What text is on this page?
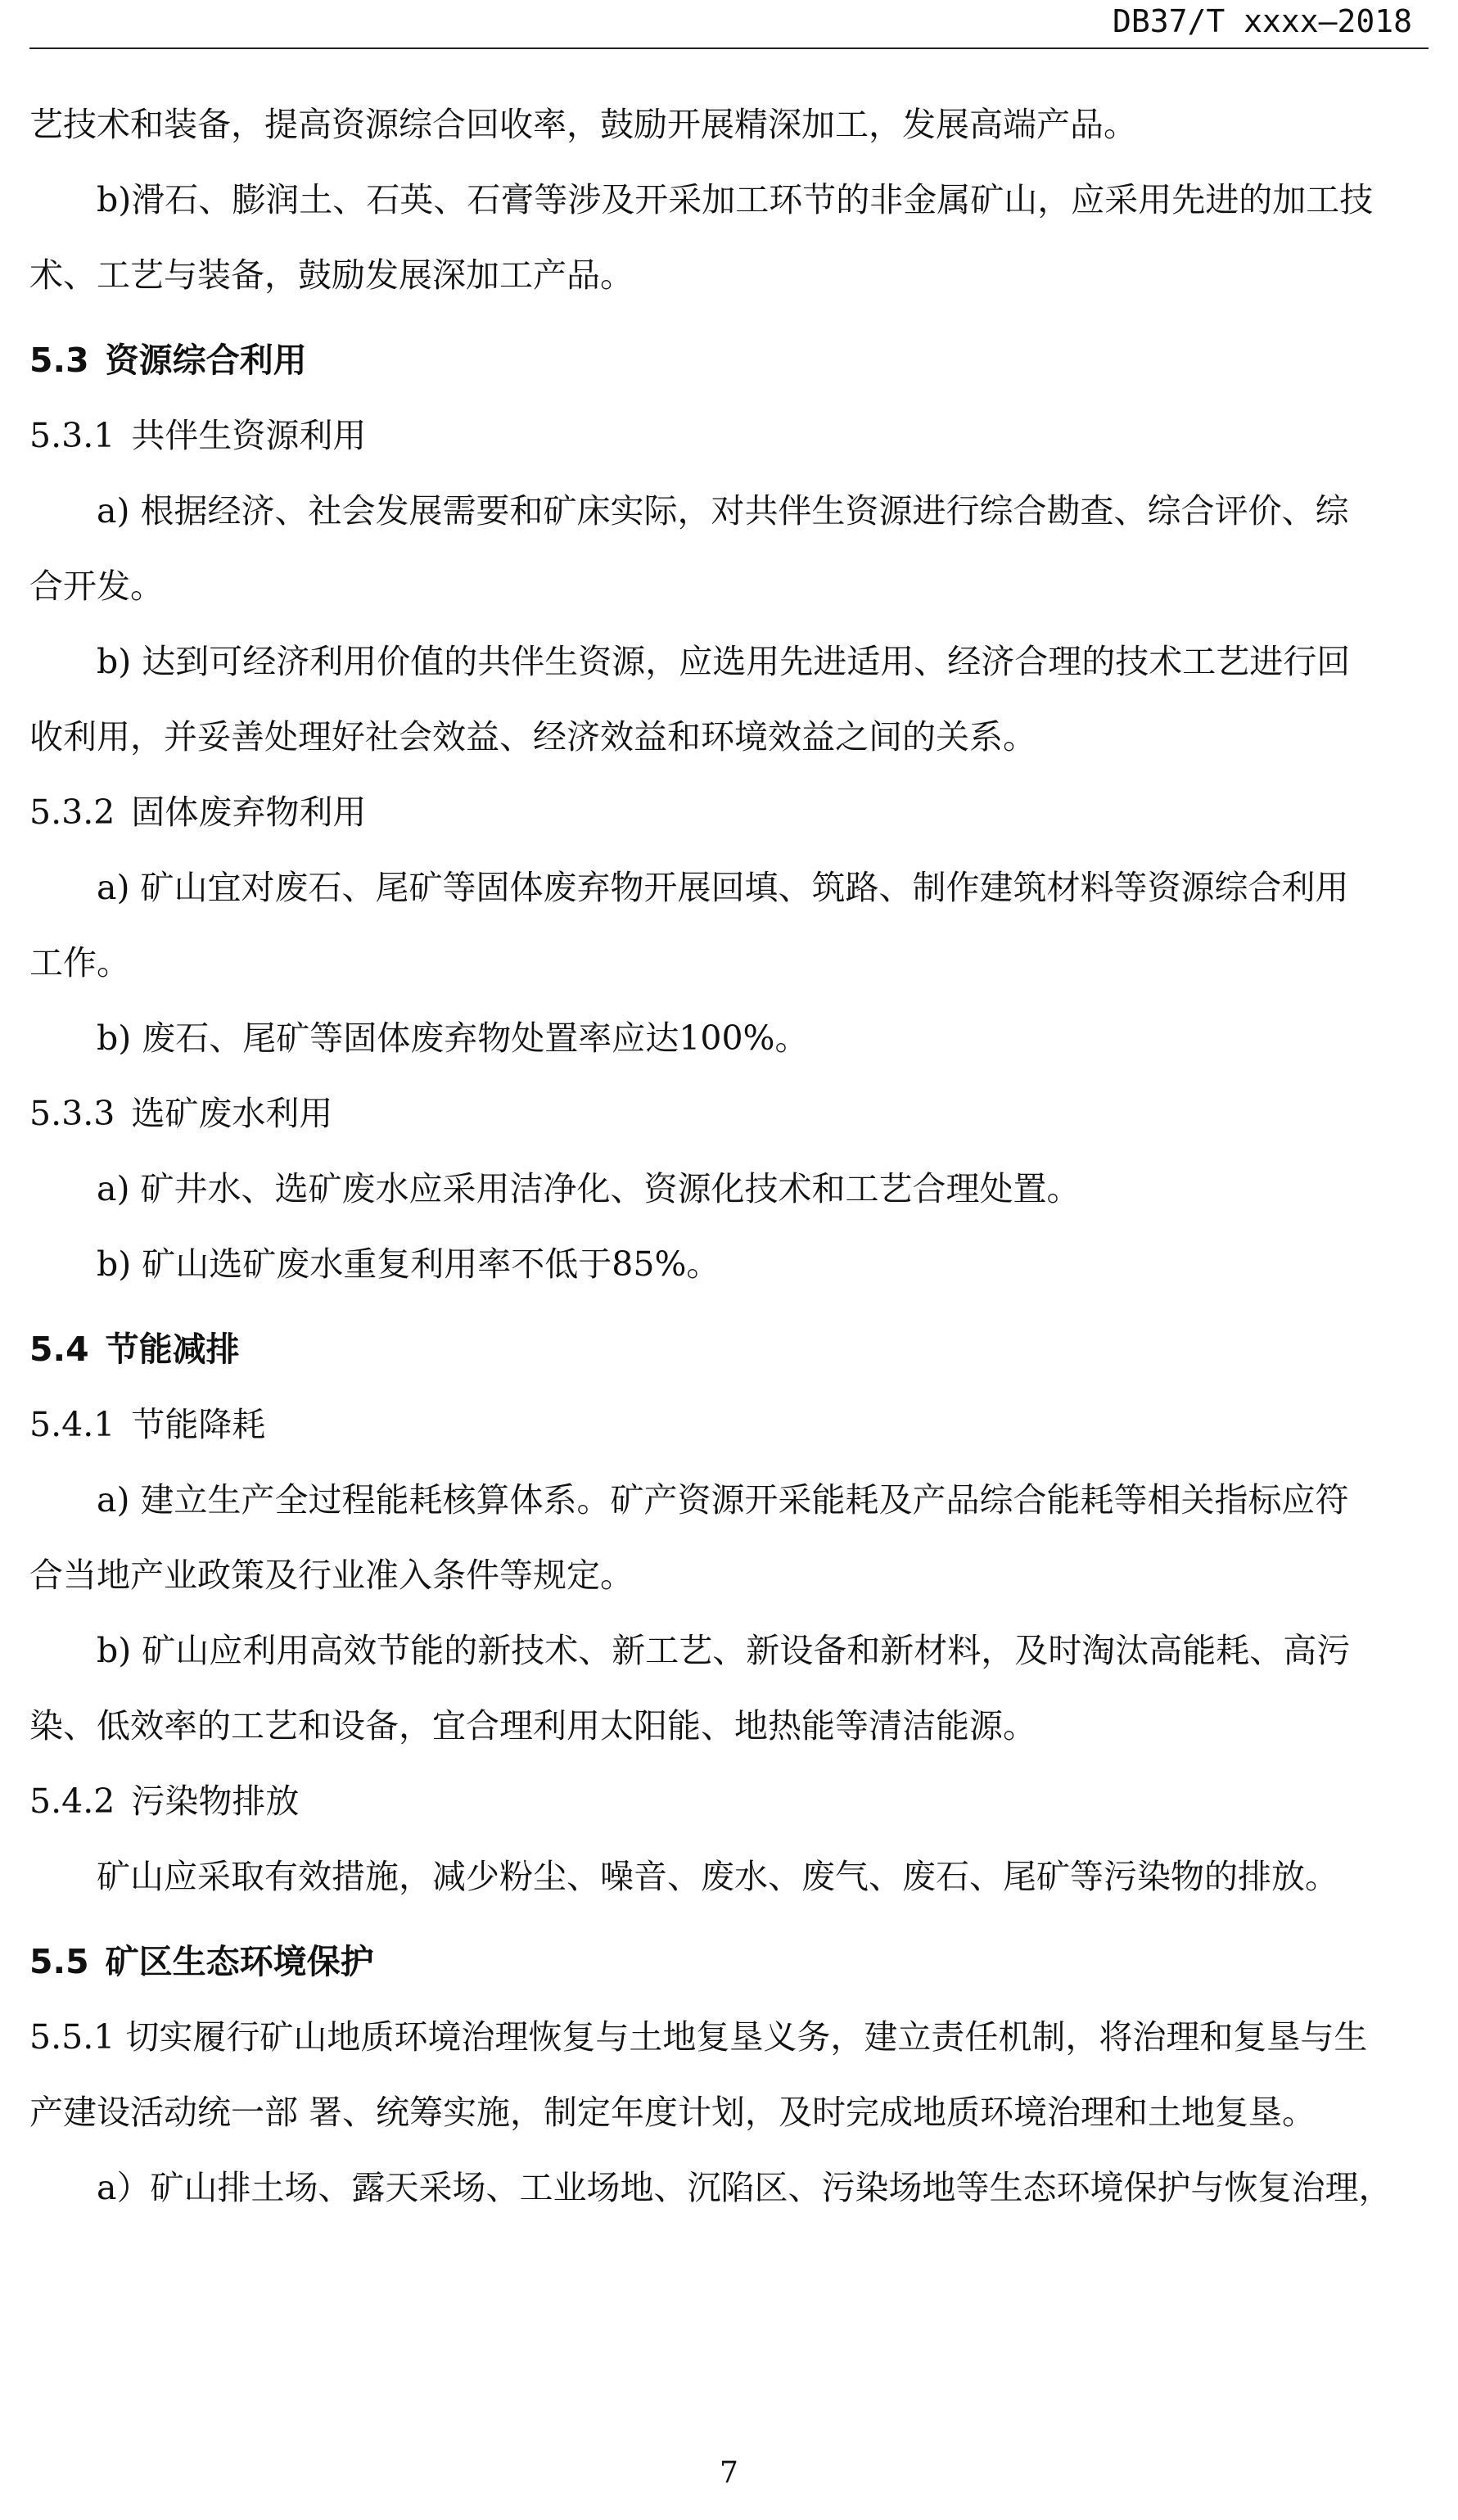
DB37/T xxxx—2018

艺技术和装备，提高资源综合回收率，鼓励开展精深加工，发展高端产品。

b)滑石、膨润土、石英、石膏等涉及开采加工环节的非金属矿山，应采用先进的加工技

术、工艺与装备，鼓励发展深加工产品。

5.3 资源综合利用

5.3.1 共伴生资源利用

a) 根据经济、社会发展需要和矿床实际，对共伴生资源进行综合勘查、综合评价、综

合开发。

b) 达到可经济利用价值的共伴生资源，应选用先进适用、经济合理的技术工艺进行回

收利用，并妥善处理好社会效益、经济效益和环境效益之间的关系。

5.3.2 固体废弃物利用

a) 矿山宜对废石、尾矿等固体废弃物开展回填、筑路、制作建筑材料等资源综合利用

工作。

b) 废石、尾矿等固体废弃物处置率应达100%。

5.3.3 选矿废水利用

a) 矿井水、选矿废水应采用洁净化、资源化技术和工艺合理处置。

b) 矿山选矿废水重复利用率不低于85%。

5.4 节能减排

5.4.1 节能降耗

a) 建立生产全过程能耗核算体系。矿产资源开采能耗及产品综合能耗等相关指标应符

合当地产业政策及行业准入条件等规定。

b) 矿山应利用高效节能的新技术、新工艺、新设备和新材料，及时淘汰高能耗、高污

染、低效率的工艺和设备，宜合理利用太阳能、地热能等清洁能源。

5.4.2 污染物排放

矿山应采取有效措施，减少粉尘、噪音、废水、废气、废石、尾矿等污染物的排放。

5.5 矿区生态环境保护

5.5.1 切实履行矿山地质环境治理恢复与土地复垦义务，建立责任机制，将治理和复垦与生

产建设活动统一部 署、统筹实施，制定年度计划，及时完成地质环境治理和土地复垦。

a）矿山排土场、露天采场、工业场地、沉陷区、污染场地等生态环境保护与恢复治理，

7
